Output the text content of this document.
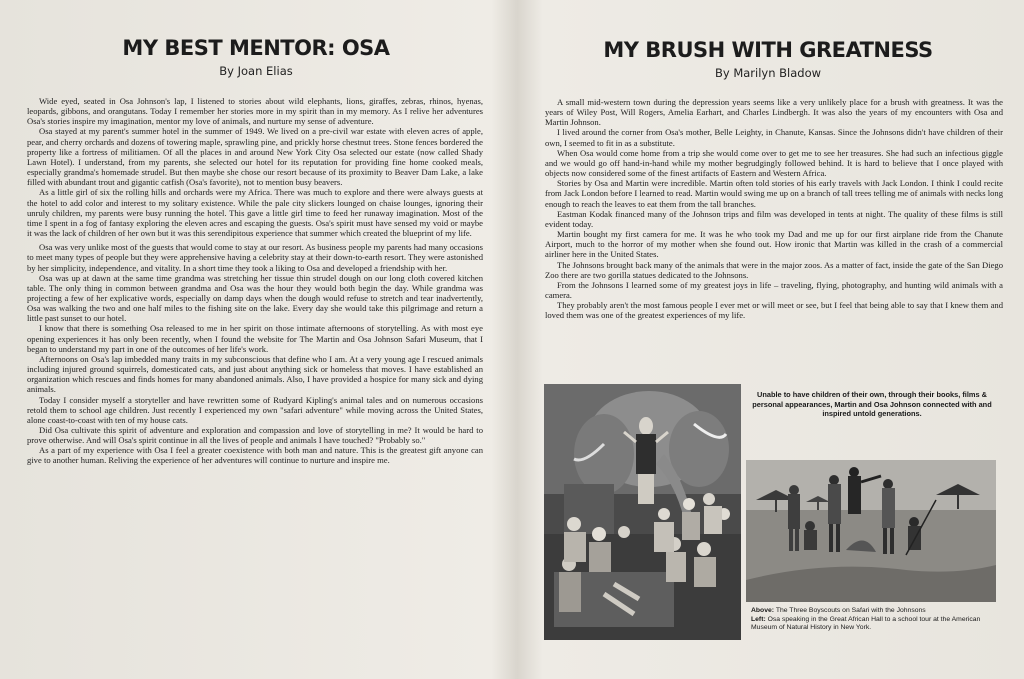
MY BEST MENTOR: OSA
By Joan Elias

Wide eyed, seated in Osa Johnson's lap, I listened to stories about wild elephants, lions, giraffes, zebras, rhinos, hyenas, leopards, gibbons, and orangutans. Today I remember her stories more in my spirit than in my memory. As I relive her adventures Osa's stories inspire my imagination, mentor my love of animals, and nurture my sense of adventure.

Osa stayed at my parent's summer hotel in the summer of 1949. We lived on a pre-civil war estate with eleven acres of apple, pear, and cherry orchards and dozens of towering maple, sprawling pine, and prickly horse chestnut trees. Stone fences bordered the property like a fortress of militiamen. Of all the places in and around New York City Osa selected our estate (now called Shady Lawn Hotel). I understand, from my parents, she selected our hotel for its reputation for providing fine home cooked meals, especially grandma's homemade strudel. But then maybe she chose our resort because of its proximity to Beaver Dam Lake, a lake filled with abundant trout and gigantic catfish (Osa's favorite), not to mention busy beavers.

As a little girl of six the rolling hills and orchards were my Africa. There was much to explore and there were always guests at the hotel to add color and interest to my solitary existence. While the pale city slickers lounged on chaise lounges, ignoring their unruly children, my parents were busy running the hotel. This gave a little girl time to feed her runaway imagination. Most of the time I spent in a fog of fantasy exploring the eleven acres and escaping the guests. Osa's spirit must have sensed my void or maybe it was the lack of children of her own but it was this serendipitous experience that summer which created the blueprint of my life.

Osa was very unlike most of the guests that would come to stay at our resort. As business people my parents had many occasions to meet many types of people but they were apprehensive having a celebrity stay at their down-to-earth resort. They were astonished by her simplicity, independence, and vitality. In a short time they took a liking to Osa and developed a friendship with her.

Osa was up at dawn at the same time grandma was stretching her tissue thin strudel dough on our long cloth covered kitchen table. The only thing in common between grandma and Osa was the hour they would both begin the day. While grandma was projecting a few of her explicative words, especially on damp days when the dough would refuse to stretch and tear inadvertently, Osa was walking the two and one half miles to the fishing site on the lake. Every day she would take this pilgrimage and return a little past sunset to our hotel.

I know that there is something Osa released to me in her spirit on those intimate afternoons of storytelling. As with most eye opening experiences it has only been recently, when I found the website for The Martin and Osa Johnson Safari Museum, that I began to understand my part in one of the outcomes of her life's work.

Afternoons on Osa's lap imbedded many traits in my subconscious that define who I am. At a very young age I rescued animals including injured ground squirrels, domesticated cats, and just about anything sick or homeless that moves. I have established an organization which rescues and finds homes for many abandoned animals. Also, I have provided a hospice for many sick and dying animals.

Today I consider myself a storyteller and have rewritten some of Rudyard Kipling's animal tales and on numerous occasions retold them to school age children. Just recently I experienced my own "safari adventure" while moving across the United States, alone coast-to-coast with ten of my house cats.

Did Osa cultivate this spirit of adventure and exploration and compassion and love of storytelling in me? It would be hard to prove otherwise. And will Osa's spirit continue in all the lives of people and animals I have touched? "Probably so."

As a part of my experience with Osa I feel a greater coexistence with both man and nature. This is the greatest gift anyone can give to another human. Reliving the experience of her adventures will continue to nurture and inspire me.

MY BRUSH WITH GREATNESS
By Marilyn Bladow

A small mid-western town during the depression years seems like a very unlikely place for a brush with greatness. It was the years of Wiley Post, Will Rogers, Amelia Earhart, and Charles Lindbergh. It was also the years of my encounters with Osa and Martin Johnson.

I lived around the corner from Osa's mother, Belle Leighty, in Chanute, Kansas. Since the Johnsons didn't have children of their own, I seemed to fit in as a substitute.

When Osa would come home from a trip she would come over to get me to see her treasures. She had such an infectious giggle and we would go off hand-in-hand while my mother begrudgingly followed behind. It is hard to believe that I once played with objects now considered some of the finest artifacts of Eastern and Western Africa.

Stories by Osa and Martin were incredible. Martin often told stories of his early travels with Jack London. I think I could recite from Jack London before I learned to read. Martin would swing me up on a branch of tall trees telling me of animals with necks long enough to reach the leaves to eat them from the tall branches.

Eastman Kodak financed many of the Johnson trips and film was developed in tents at night. The quality of these films is still evident today.

Martin bought my first camera for me. It was he who took my Dad and me up for our first airplane ride from the Chanute Airport, much to the horror of my mother when she found out. How ironic that Martin was killed in the crash of a commercial airliner here in the United States.

The Johnsons brought back many of the animals that were in the major zoos. As a matter of fact, inside the gate of the San Diego Zoo there are two gorilla statues dedicated to the Johnsons.

From the Johnsons I learned some of my greatest joys in life – traveling, flying, photography, and hunting wild animals with a camera.

They probably aren't the most famous people I ever met or will meet or see, but I feel that being able to say that I knew them and loved them was one of the greatest experiences of my life.

Unable to have children of their own, through their books, films & personal appearances, Martin and Osa Johnson connected with and inspired untold generations.
Above: The Three Boyscouts on Safari with the Johnsons
Left: Osa speaking in the Great African Hall to a school tour at the American Museum of Natural History in New York.
